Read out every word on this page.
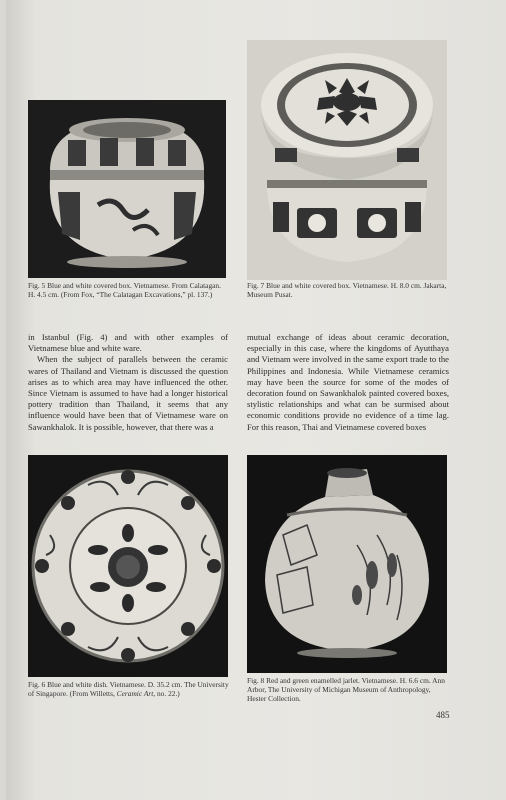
Fig. 5 Blue and white covered box. Vietnamese. From Calatagan. H. 4.5 cm. (From Fox, “The Calatagan Excavations,” pl. 137.)
Fig. 7 Blue and white covered box. Vietnamese. H. 8.0 cm. Jakarta, Museum Pusat.

in Istanbul (Fig. 4) and with other examples of Vietnamese blue and white ware.

When the subject of parallels between the ceramic wares of Thailand and Vietnam is discussed the question arises as to which area may have influenced the other. Since Vietnam is assumed to have had a longer historical pottery tradition than Thailand, it seems that any influence would have been that of Vietnamese ware on Sawankhalok. It is possible, however, that there was a

mutual exchange of ideas about ceramic decoration, especially in this case, where the kingdoms of Ayutthaya and Vietnam were involved in the same export trade to the Philippines and Indonesia. While Vietnamese ceramics may have been the source for some of the modes of decoration found on Sawankhalok painted covered boxes, stylistic relationships and what can be surmised about economic conditions provide no evidence of a time lag. For this reason, Thai and Vietnamese covered boxes

Fig. 6 Blue and white dish. Vietnamese. D. 35.2 cm. The University of Singapore. (From Willetts, Ceramic Art, no. 22.)
Fig. 8 Red and green enamelled jarlet. Vietnamese. H. 6.6 cm. Ann Arbor, The University of Michigan Museum of Anthropology, Hester Collection.
485
